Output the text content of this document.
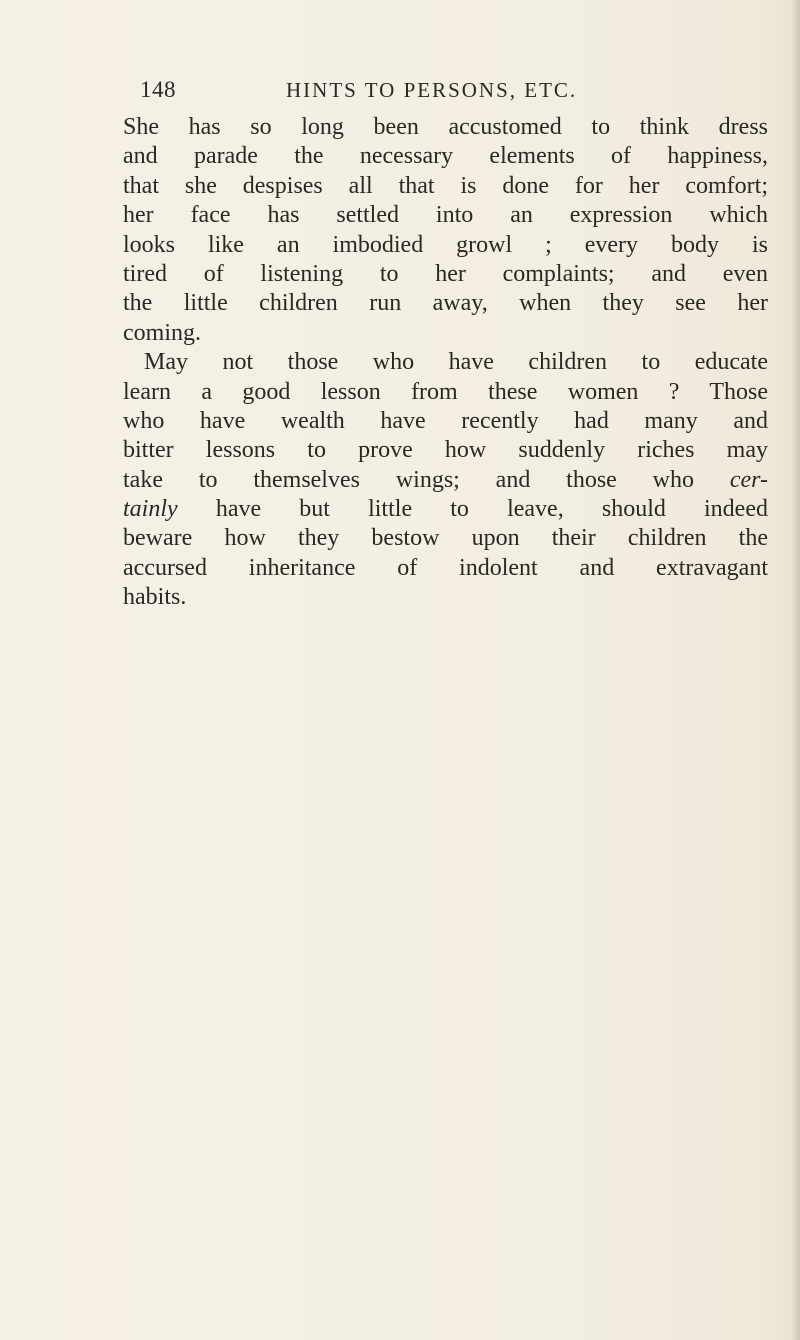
148	HINTS TO PERSONS, ETC.
She has so long been accustomed to think dress
and parade the necessary elements of happiness,
that she despises all that is done for her comfort;
her face has settled into an expression which
looks like an imbodied growl ; every body is
tired of listening to her complaints; and even
the little children run away, when they see her
coming.
May not those who have children to educate
learn a good lesson from these women ? Those
who have wealth have recently had many and
bitter lessons to prove how suddenly riches may
take to themselves wings; and those who cer-
tainly have but little to leave, should indeed
beware how they bestow upon their children the
accursed inheritance of indolent and extravagant
habits.
